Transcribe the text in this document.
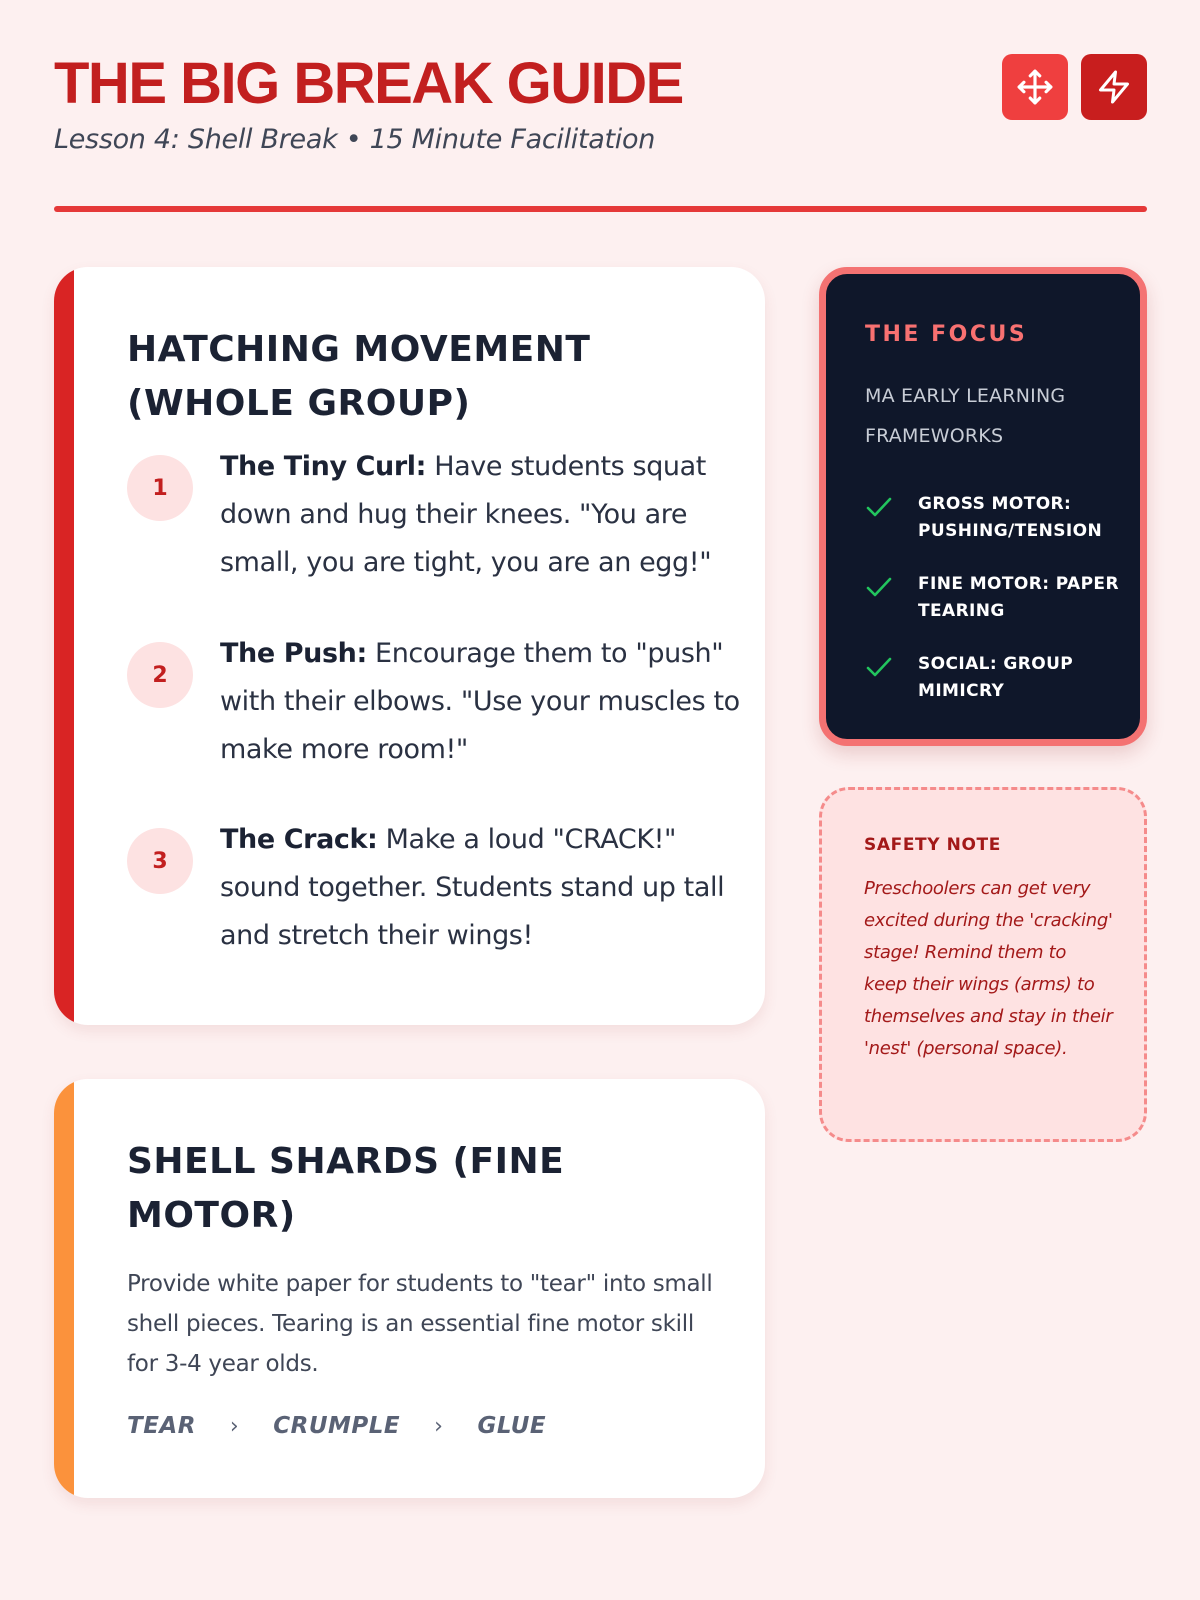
THE BIG BREAK GUIDE
Lesson 4: Shell Break • 15 Minute Facilitation
HATCHING MOVEMENT (WHOLE GROUP)
1
The Tiny Curl: Have students squat down and hug their knees. "You are small, you are tight, you are an egg!"
2
The Push: Encourage them to "push" with their elbows. "Use your muscles to make more room!"
3
The Crack: Make a loud "CRACK!" sound together. Students stand up tall and stretch their wings!
SHELL SHARDS (FINE MOTOR)
Provide white paper for students to "tear" into small shell pieces. Tearing is an essential fine motor skill for 3-4 year olds.
TEAR › CRUMPLE › GLUE
THE FOCUS
MA EARLY LEARNING FRAMEWORKS
GROSS MOTOR: PUSHING/TENSION
FINE MOTOR: PAPER TEARING
SOCIAL: GROUP MIMICRY
SAFETY NOTE
Preschoolers can get very excited during the 'cracking' stage! Remind them to keep their wings (arms) to themselves and stay in their 'nest' (personal space).
